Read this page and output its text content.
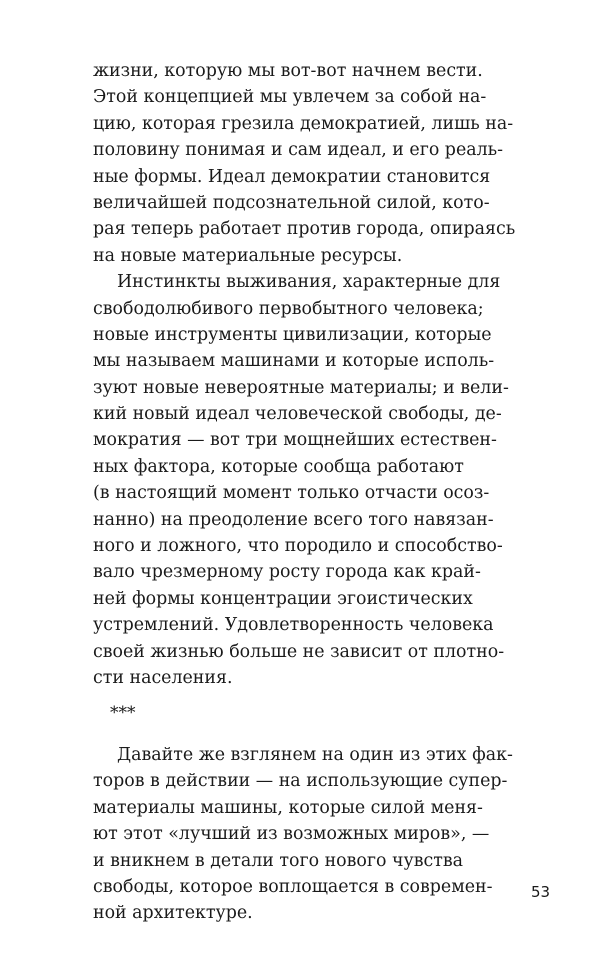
жизни, которую мы вот-вот начнем вести.
Этой концепцией мы увлечем за собой на-
цию, которая грезила демократией, лишь на-
половину понимая и сам идеал, и его реаль-
ные формы. Идеал демократии становится
величайшей подсознательной силой, кото-
рая теперь работает против города, опираясь
на новые материальные ресурсы.
Инстинкты выживания, характерные для
свободолюбивого первобытного человека;
новые инструменты цивилизации, которые
мы называем машинами и которые исполь-
зуют новые невероятные материалы; и вели-
кий новый идеал человеческой свободы, де-
мократия — вот три мощнейших естествен-
ных фактора, которые сообща работают
(в настоящий момент только отчасти осоз-
нанно) на преодоление всего того навязан-
ного и ложного, что породило и способство-
вало чрезмерному росту города как край-
ней формы концентрации эгоистических
устремлений. Удовлетворенность человека
своей жизнью больше не зависит от плотно-
сти населения.
***
Давайте же взглянем на один из этих фак-
торов в действии — на использующие супер-
материалы машины, которые силой меня-
ют этот «лучший из возможных миров», —
и вникнем в детали того нового чувства
свободы, которое воплощается в современ-
ной архитектуре.
53
